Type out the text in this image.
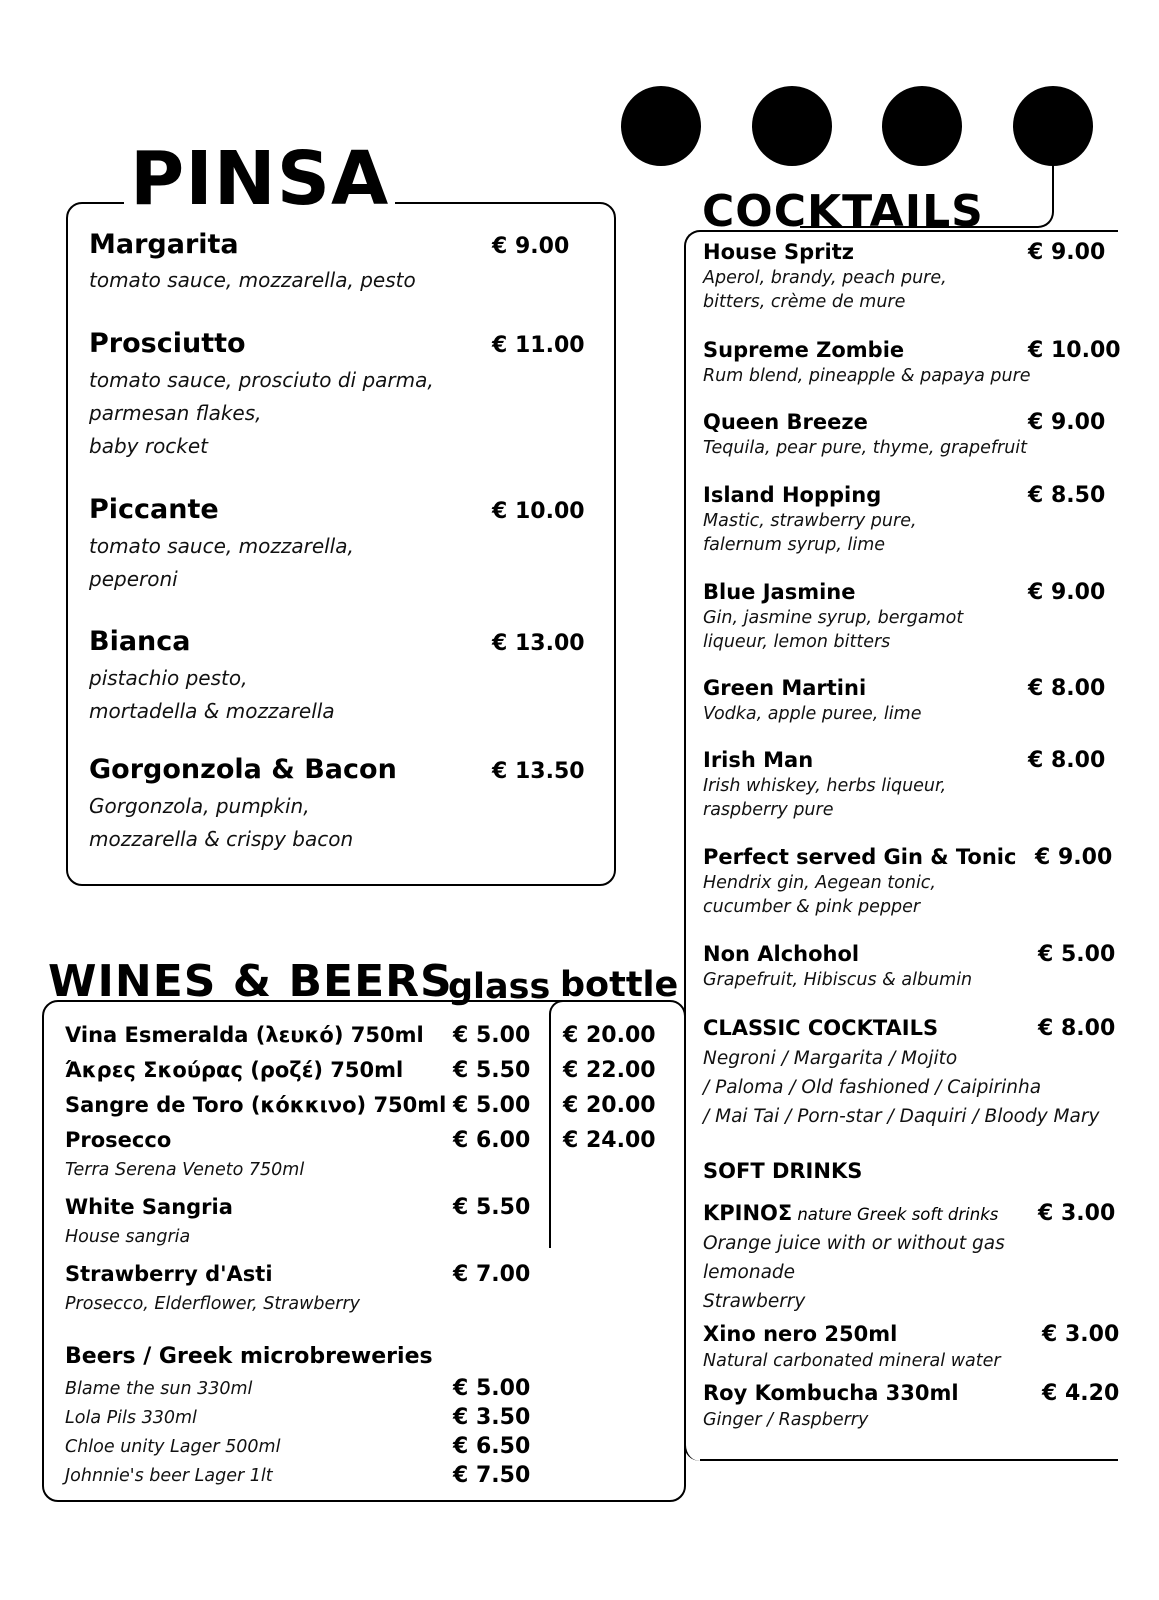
PINSA
Margarita	€ 9.00
tomato sauce, mozzarella, pesto
Prosciutto	€ 11.00
tomato sauce, prosciuto di parma,
parmesan flakes,
baby rocket
Piccante	€ 10.00
tomato sauce, mozzarella,
peperoni
Bianca	€ 13.00
pistachio pesto,
mortadella & mozzarella
Gorgonzola & Bacon	€ 13.50
Gorgonzola, pumpkin,
mozzarella & crispy bacon
COCKTAILS
House Spritz	€ 9.00
Aperol, brandy, peach pure,
bitters, crème de mure
Supreme Zombie	€ 10.00
Rum blend, pineapple & papaya pure
Queen Breeze	€ 9.00
Tequila, pear pure, thyme, grapefruit
Island Hopping	€ 8.50
Mastic, strawberry pure,
falernum syrup, lime
Blue Jasmine	€ 9.00
Gin, jasmine syrup, bergamot
liqueur, lemon bitters
Green Martini	€ 8.00
Vodka, apple puree, lime
Irish Man	€ 8.00
Irish whiskey, herbs liqueur,
raspberry pure
Perfect served Gin & Tonic € 9.00
Hendrix gin, Aegean tonic,
cucumber & pink pepper
Non Alchohol	€ 5.00
Grapefruit, Hibiscus & albumin
CLASSIC COCKTAILS	€ 8.00
Negroni / Margarita / Mojito
/ Paloma / Old fashioned / Caipirinha
/ Mai Tai / Porn-star / Daquiri / Bloody Mary
SOFT DRINKS
ΚΡΙΝΟΣ nature Greek soft drinks € 3.00
Orange juice with or without gas
lemonade
Strawberry
Xino nero 250ml	€ 3.00
Natural carbonated mineral water
Roy Kombucha 330ml	€ 4.20
Ginger / Raspberry
WINES & BEERS
glass bottle
Vina Esmeralda (λευκό) 750ml € 5.00 € 20.00
Άκρες Σκούρας (ροζέ) 750ml € 5.50 € 22.00
Sangre de Toro (κόκκινο) 750ml € 5.00 € 20.00
Prosecco	€ 6.00 € 24.00
Terra Serena Veneto 750ml
White Sangria	€ 5.50
House sangria
Strawberry d'Asti	€ 7.00
Prosecco, Elderflower, Strawberry
Beers / Greek microbreweries
Blame the sun 330ml	€ 5.00
Lola Pils 330ml	€ 3.50
Chloe unity Lager 500ml	€ 6.50
Johnnie's beer Lager 1lt	€ 7.50
